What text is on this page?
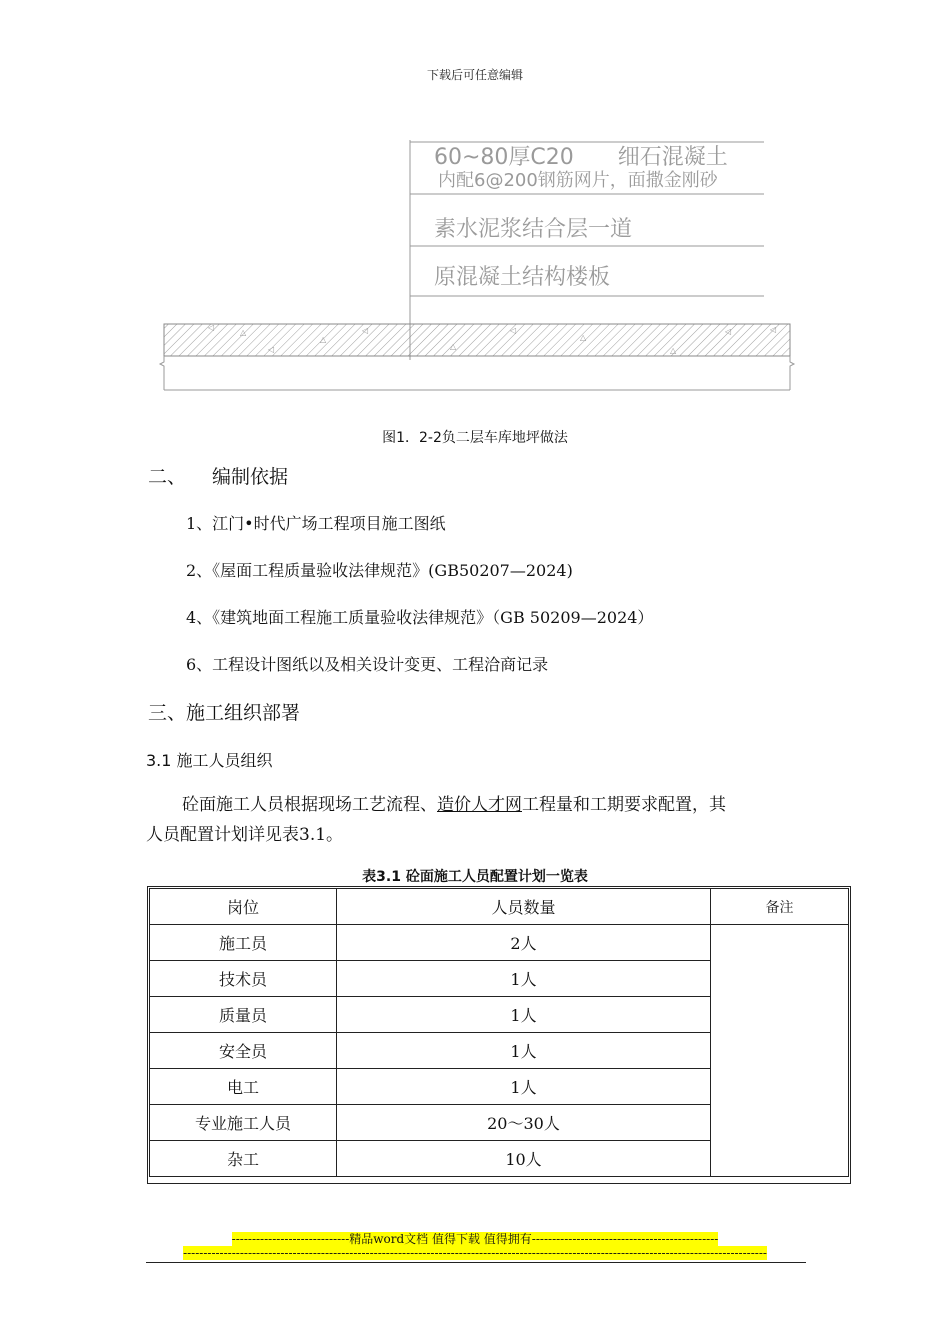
下载后可任意编辑
60~80厚C20　　细石混凝土
内配6@200钢筋网片，面撒金刚砂
素水泥浆结合层一道
原混凝土结构楼板
◁
△
◁
△
◁
△
◁
△
△
◁	◁
图1．2-2负二层车库地坪做法
二、 编制依据
1、江门•时代广场工程项目施工图纸
2、《屋面工程质量验收法律规范》(GB50207—2024)
4、《建筑地面工程施工质量验收法律规范》（GB 50209—2024）
6、工程设计图纸以及相关设计变更、工程洽商记录
三、施工组织部署
3.1 施工人员组织
砼面施工人员根据现场工艺流程、造价人才网工程量和工期要求配置，其
人员配置计划详见表3.1。
表3.1 砼面施工人员配置计划一览表
岗位	人员数量	备注
施工员	2人	
技术员	1人	
质量员	1人	
安全员	1人	
电工	1人	
专业施工人员	20～30人	
杂工	10人	
-----------------------------精品word文档 值得下载 值得拥有----------------------------------------------
------------------------------------------------------------------------------------------------------------------------------------------------
